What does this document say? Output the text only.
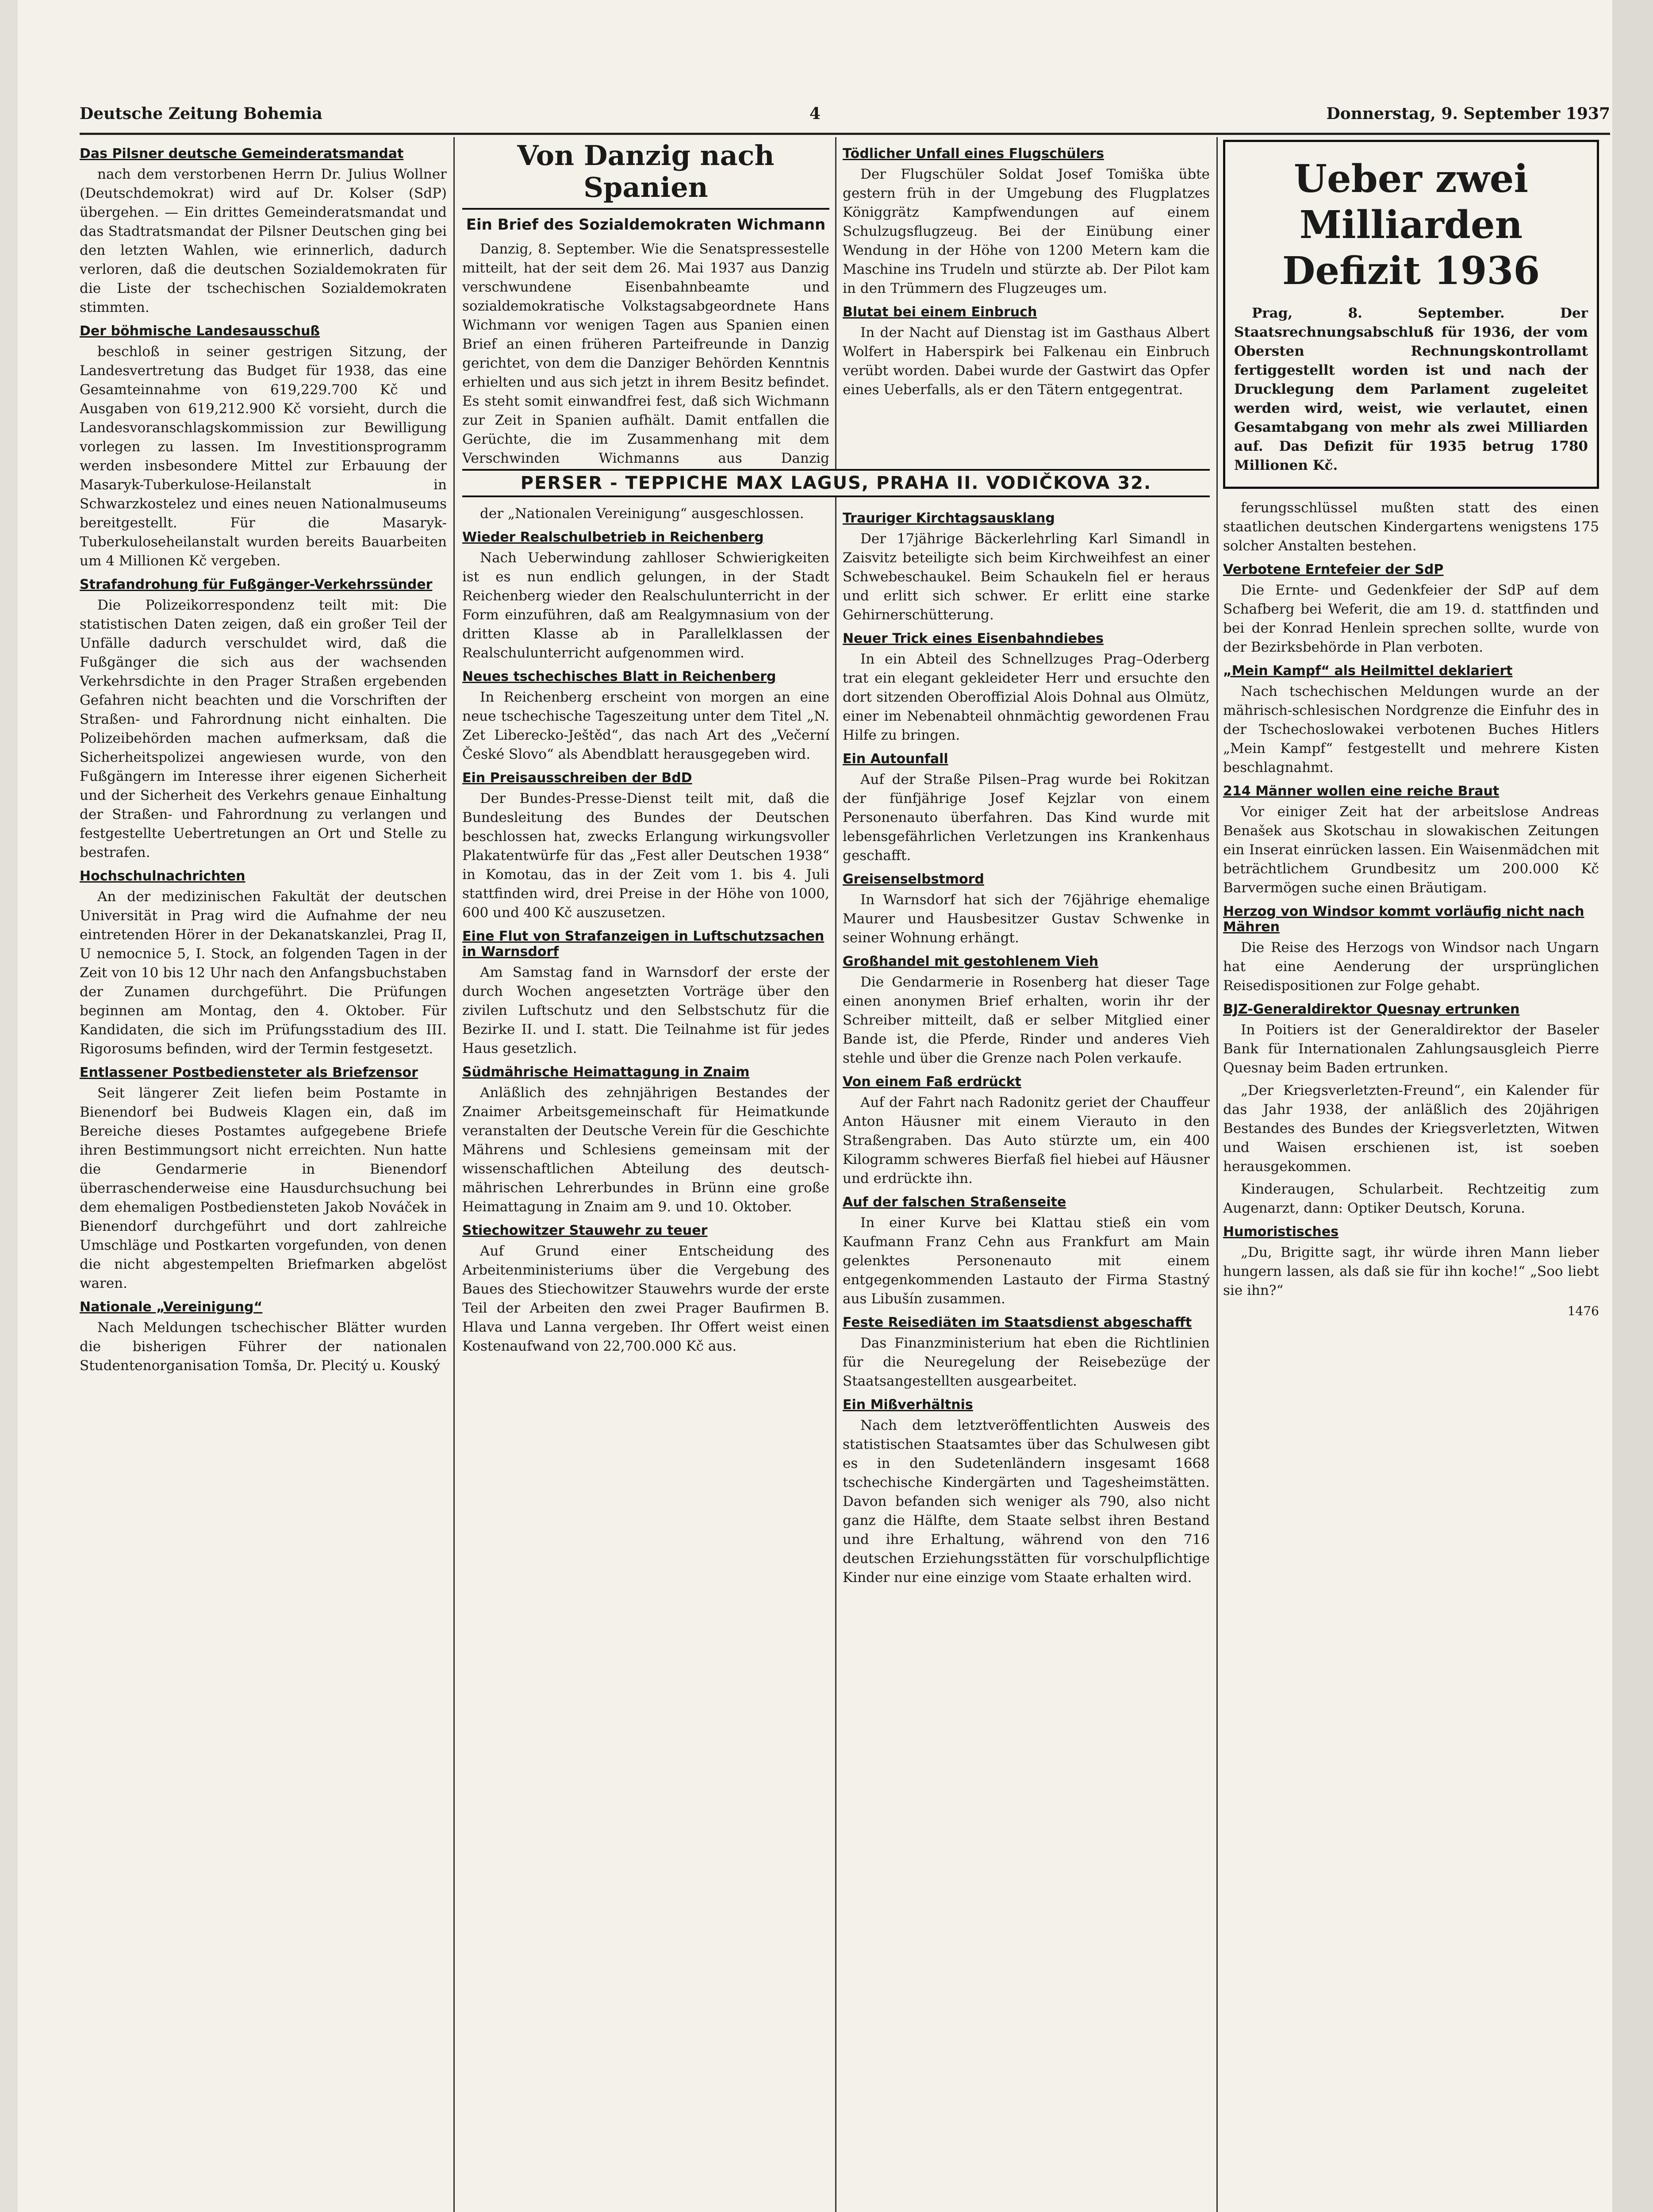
Deutsche Zeitung Bohemia	4	Donnerstag, 9. September 1937
Das Pilsner deutsche Gemeinderatsmandat

nach dem verstorbenen Herrn Dr. Julius Wollner (Deutschdemokrat) wird auf Dr. Kolser (SdP) übergehen. — Ein drittes Gemeinderatsmandat und das Stadtratsmandat der Pilsner Deutschen ging bei den letzten Wahlen, wie erinnerlich, dadurch verloren, daß die deutschen Sozialdemokraten für die Liste der tschechischen Sozialdemokraten stimmten.

Der böhmische Landesausschuß

beschloß in seiner gestrigen Sitzung, der Landesvertretung das Budget für 1938, das eine Gesamteinnahme von 619,229.700 Kč und Ausgaben von 619,212.900 Kč vorsieht, durch die Landesvoranschlagskommission zur Bewilligung vorlegen zu lassen. Im Investitionsprogramm werden insbesondere Mittel zur Erbauung der Masaryk-Tuberkulose-Heilanstalt in Schwarzkostelez und eines neuen Nationalmuseums bereitgestellt. Für die Masaryk-Tuberkuloseheilanstalt wurden bereits Bauarbeiten um 4 Millionen Kč vergeben.

Strafandrohung für Fußgänger-Verkehrssünder

Die Polizeikorrespondenz teilt mit: Die statistischen Daten zeigen, daß ein großer Teil der Unfälle dadurch verschuldet wird, daß die Fußgänger die sich aus der wachsenden Verkehrsdichte in den Prager Straßen ergebenden Gefahren nicht beachten und die Vorschriften der Straßen- und Fahrordnung nicht einhalten. Die Polizeibehörden machen aufmerksam, daß die Sicherheitspolizei angewiesen wurde, von den Fußgängern im Interesse ihrer eigenen Sicherheit und der Sicherheit des Verkehrs genaue Einhaltung der Straßen- und Fahrordnung zu verlangen und festgestellte Uebertretungen an Ort und Stelle zu bestrafen.

Hochschulnachrichten

An der medizinischen Fakultät der deutschen Universität in Prag wird die Aufnahme der neu eintretenden Hörer in der Dekanatskanzlei, Prag II, U nemocnice 5, I. Stock, an folgenden Tagen in der Zeit von 10 bis 12 Uhr nach den Anfangsbuchstaben der Zunamen durchgeführt. Die Prüfungen beginnen am Montag, den 4. Oktober. Für Kandidaten, die sich im Prüfungsstadium des III. Rigorosums befinden, wird der Termin festgesetzt.

Entlassener Postbediensteter als Briefzensor

Seit längerer Zeit liefen beim Postamte in Bienendorf bei Budweis Klagen ein, daß im Bereiche dieses Postamtes aufgegebene Briefe ihren Bestimmungsort nicht erreichten. Nun hatte die Gendarmerie in Bienendorf überraschenderweise eine Hausdurchsuchung bei dem ehemaligen Postbediensteten Jakob Nováček in Bienendorf durchgeführt und dort zahlreiche Umschläge und Postkarten vorgefunden, von denen die nicht abgestempelten Briefmarken abgelöst waren.

Nationale „Vereinigung“

Nach Meldungen tschechischer Blätter wurden die bisherigen Führer der nationalen Studentenorganisation Tomša, Dr. Plecitý u. Kouský

Von Danzig nach Spanien
Ein Brief des Sozialdemokraten Wichmann

Danzig, 8. September. Wie die Senatspressestelle mitteilt, hat der seit dem 26. Mai 1937 aus Danzig verschwundene Eisenbahnbeamte und sozialdemokratische Volkstagsabgeordnete Hans Wichmann vor wenigen Tagen aus Spanien einen Brief an einen früheren Parteifreunde in Danzig gerichtet, von dem die Danziger Behörden Kenntnis erhielten und aus sich jetzt in ihrem Besitz befindet. Es steht somit einwandfrei fest, daß sich Wichmann zur Zeit in Spanien aufhält. Damit entfallen die Gerüchte, die im Zusammenhang mit dem Verschwinden Wichmanns aus Danzig

der „Nationalen Vereinigung“ ausgeschlossen.

Wieder Realschulbetrieb in Reichenberg

Nach Ueberwindung zahlloser Schwierigkeiten ist es nun endlich gelungen, in der Stadt Reichenberg wieder den Realschulunterricht in der Form einzuführen, daß am Realgymnasium von der dritten Klasse ab in Parallelklassen der Realschulunterricht aufgenommen wird.

Neues tschechisches Blatt in Reichenberg

In Reichenberg erscheint von morgen an eine neue tschechische Tageszeitung unter dem Titel „N. Zet Liberecko-Ještěd“, das nach Art des „Večerní České Slovo“ als Abendblatt herausgegeben wird.

Ein Preisausschreiben der BdD

Der Bundes-Presse-Dienst teilt mit, daß die Bundesleitung des Bundes der Deutschen beschlossen hat, zwecks Erlangung wirkungsvoller Plakatentwürfe für das „Fest aller Deutschen 1938“ in Komotau, das in der Zeit vom 1. bis 4. Juli stattfinden wird, drei Preise in der Höhe von 1000, 600 und 400 Kč auszusetzen.

Eine Flut von Strafanzeigen in Luftschutzsachen in Warnsdorf

Am Samstag fand in Warnsdorf der erste der durch Wochen angesetzten Vorträge über den zivilen Luftschutz und den Selbstschutz für die Bezirke II. und I. statt. Die Teilnahme ist für jedes Haus gesetzlich.

Südmährische Heimattagung in Znaim

Anläßlich des zehnjährigen Bestandes der Znaimer Arbeitsgemeinschaft für Heimatkunde veranstalten der Deutsche Verein für die Geschichte Mährens und Schlesiens gemeinsam mit der wissenschaftlichen Abteilung des deutsch-mährischen Lehrerbundes in Brünn eine große Heimattagung in Znaim am 9. und 10. Oktober.

Stiechowitzer Stauwehr zu teuer

Auf Grund einer Entscheidung des Arbeitenministeriums über die Vergebung des Baues des Stiechowitzer Stauwehrs wurde der erste Teil der Arbeiten den zwei Prager Baufirmen B. Hlava und Lanna vergeben. Ihr Offert weist einen Kostenaufwand von 22,700.000 Kč aus.

Tödlicher Unfall eines Flugschülers

Der Flugschüler Soldat Josef Tomiška übte gestern früh in der Umgebung des Flugplatzes Königgrätz Kampfwendungen auf einem Schulzugsflugzeug. Bei der Einübung einer Wendung in der Höhe von 1200 Metern kam die Maschine ins Trudeln und stürzte ab. Der Pilot kam in den Trümmern des Flugzeuges um.

Blutat bei einem Einbruch

In der Nacht auf Dienstag ist im Gasthaus Albert Wolfert in Haberspirk bei Falkenau ein Einbruch verübt worden. Dabei wurde der Gastwirt das Opfer eines Ueberfalls, als er den Tätern entgegentrat.

Trauriger Kirchtagsausklang

Der 17jährige Bäckerlehrling Karl Simandl in Zaisvitz beteiligte sich beim Kirchweihfest an einer Schwebeschaukel. Beim Schaukeln fiel er heraus und erlitt sich schwer. Er erlitt eine starke Gehirnerschütterung.

Neuer Trick eines Eisenbahndiebes

In ein Abteil des Schnellzuges Prag–Oderberg trat ein elegant gekleideter Herr und ersuchte den dort sitzenden Oberoffizial Alois Dohnal aus Olmütz, einer im Nebenabteil ohnmächtig gewordenen Frau Hilfe zu bringen.

Ein Autounfall

Auf der Straße Pilsen–Prag wurde bei Rokitzan der fünfjährige Josef Kejzlar von einem Personenauto überfahren. Das Kind wurde mit lebensgefährlichen Verletzungen ins Krankenhaus geschafft.

Greisenselbstmord

In Warnsdorf hat sich der 76jährige ehemalige Maurer und Hausbesitzer Gustav Schwenke in seiner Wohnung erhängt.

Großhandel mit gestohlenem Vieh

Die Gendarmerie in Rosenberg hat dieser Tage einen anonymen Brief erhalten, worin ihr der Schreiber mitteilt, daß er selber Mitglied einer Bande ist, die Pferde, Rinder und anderes Vieh stehle und über die Grenze nach Polen verkaufe.

Von einem Faß erdrückt

Auf der Fahrt nach Radonitz geriet der Chauffeur Anton Häusner mit einem Vierauto in den Straßengraben. Das Auto stürzte um, ein 400 Kilogramm schweres Bierfaß fiel hiebei auf Häusner und erdrückte ihn.

Auf der falschen Straßenseite

In einer Kurve bei Klattau stieß ein vom Kaufmann Franz Cehn aus Frankfurt am Main gelenktes Personenauto mit einem entgegenkommenden Lastauto der Firma Stastný aus Libušín zusammen.

Feste Reisediäten im Staatsdienst abgeschafft

Das Finanzministerium hat eben die Richtlinien für die Neuregelung der Reisebezüge der Staatsangestellten ausgearbeitet.

Ein Mißverhältnis

Nach dem letztveröffentlichten Ausweis des statistischen Staatsamtes über das Schulwesen gibt es in den Sudetenländern insgesamt 1668 tschechische Kindergärten und Tagesheimstätten. Davon befanden sich weniger als 790, also nicht ganz die Hälfte, dem Staate selbst ihren Bestand und ihre Erhaltung, während von den 716 deutschen Erziehungsstätten für vorschulpflichtige Kinder nur eine einzige vom Staate erhalten wird.

PERSER - TEPPICHE MAX LAGUS, PRAHA II. VODIČKOVA 32.
Ueber zwei Milliarden Defizit 1936

Prag, 8. September. Der Staatsrechnungsabschluß für 1936, der vom Obersten Rechnungskontrollamt fertiggestellt worden ist und nach der Drucklegung dem Parlament zugeleitet werden wird, weist, wie verlautet, einen Gesamtabgang von mehr als zwei Milliarden auf. Das Defizit für 1935 betrug 1780 Millionen Kč.

ferungsschlüssel mußten statt des einen staatlichen deutschen Kindergartens wenigstens 175 solcher Anstalten bestehen.

Verbotene Erntefeier der SdP

Die Ernte- und Gedenkfeier der SdP auf dem Schafberg bei Weferit, die am 19. d. stattfinden und bei der Konrad Henlein sprechen sollte, wurde von der Bezirksbehörde in Plan verboten.

„Mein Kampf“ als Heilmittel deklariert

Nach tschechischen Meldungen wurde an der mährisch-schlesischen Nordgrenze die Einfuhr des in der Tschechoslowakei verbotenen Buches Hitlers „Mein Kampf“ festgestellt und mehrere Kisten beschlagnahmt.

214 Männer wollen eine reiche Braut

Vor einiger Zeit hat der arbeitslose Andreas Benašek aus Skotschau in slowakischen Zeitungen ein Inserat einrücken lassen. Ein Waisenmädchen mit beträchtlichem Grundbesitz um 200.000 Kč Barvermögen suche einen Bräutigam.

Herzog von Windsor kommt vorläufig nicht nach Mähren

Die Reise des Herzogs von Windsor nach Ungarn hat eine Aenderung der ursprünglichen Reisedispositionen zur Folge gehabt.

BJZ-Generaldirektor Quesnay ertrunken

In Poitiers ist der Generaldirektor der Baseler Bank für Internationalen Zahlungsausgleich Pierre Quesnay beim Baden ertrunken.

„Der Kriegsverletzten-Freund“, ein Kalender für das Jahr 1938, der anläßlich des 20jährigen Bestandes des Bundes der Kriegsverletzten, Witwen und Waisen erschienen ist, ist soeben herausgekommen.

Kinderaugen, Schularbeit. Rechtzeitig zum Augenarzt, dann: Optiker Deutsch, Koruna.

Humoristisches

„Du, Brigitte sagt, ihr würde ihren Mann lieber hungern lassen, als daß sie für ihn koche!“ „Soo liebt sie ihn?“

1476
